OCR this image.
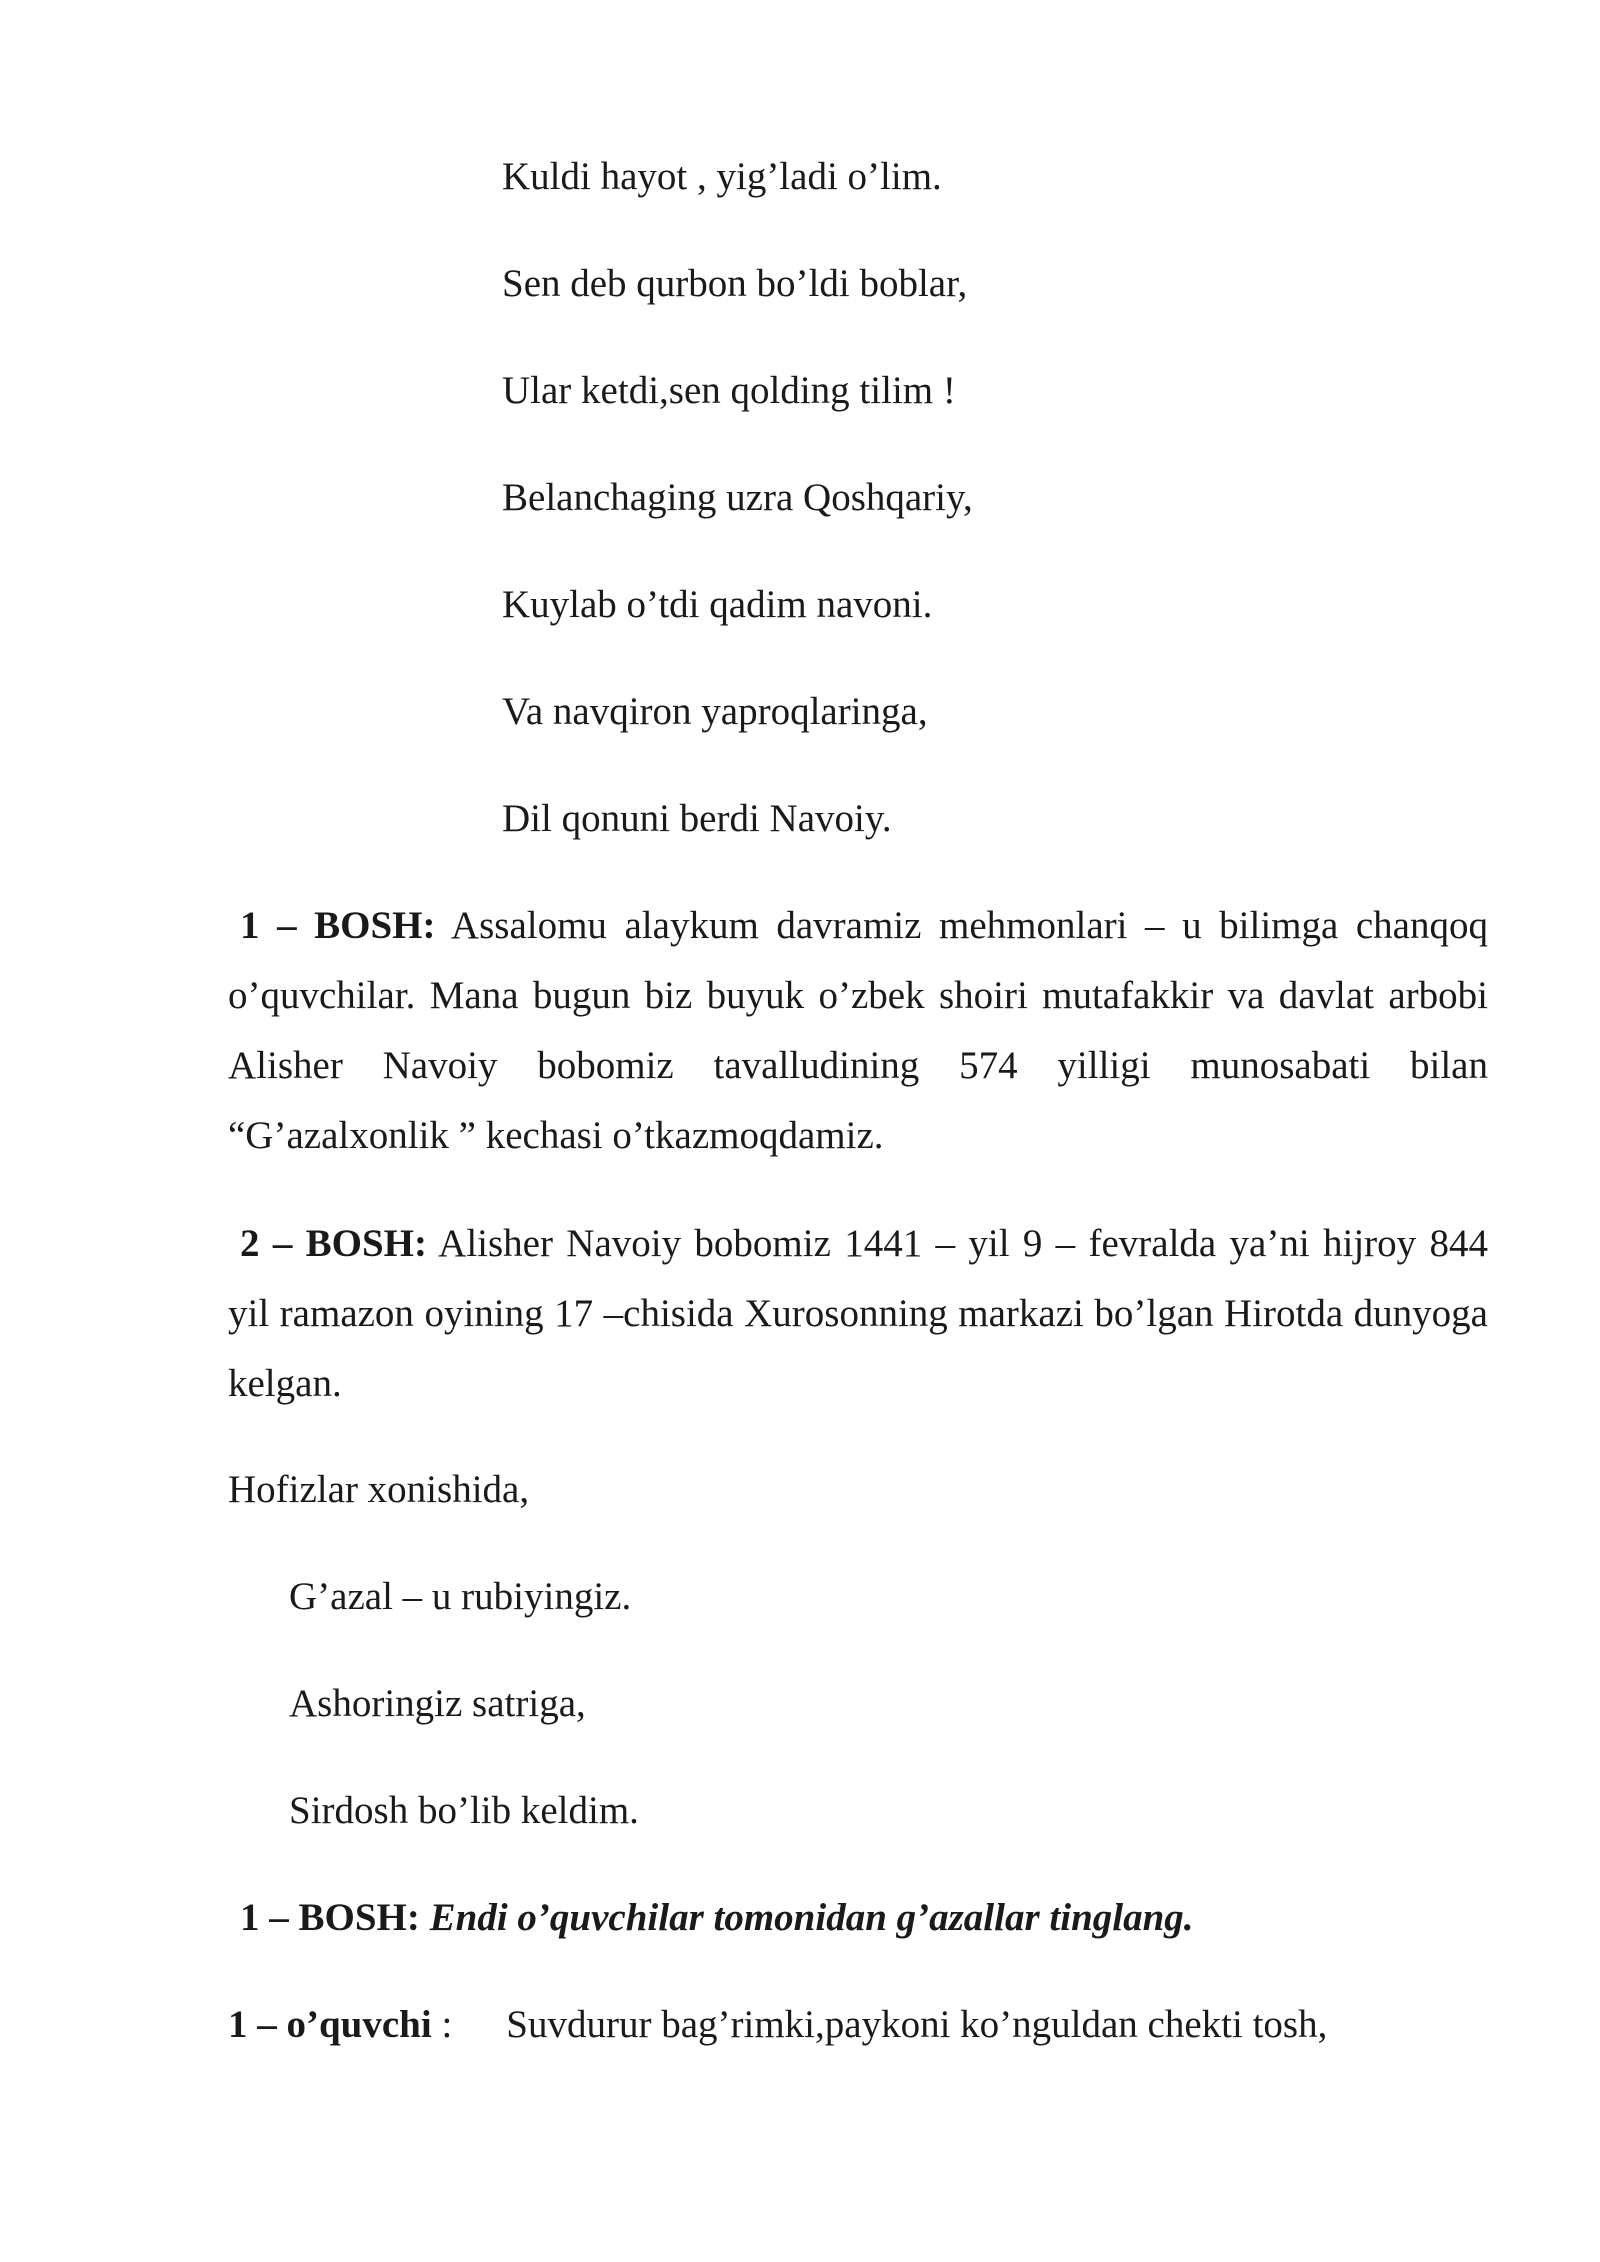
Kuldi hayot , yig’ladi o’lim.
Sen deb qurbon bo’ldi boblar,
Ular ketdi,sen qolding tilim !
Belanchaging uzra Qoshqariy,
Kuylab o’tdi qadim navoni.
Va navqiron yaproqlaringa,
Dil qonuni berdi Navoiy.
1 – BOSH: Assalomu alaykum davramiz mehmonlari – u bilimga chanqoq o’quvchilar. Mana bugun biz buyuk o’zbek shoiri mutafakkir va davlat arbobi Alisher Navoiy bobomiz tavalludining 574 yilligi munosabati bilan “G’azalxonlik ” kechasi o’tkazmoqdamiz.
2 – BOSH: Alisher Navoiy bobomiz 1441 – yil 9 – fevralda ya’ni hijroy 844 yil ramazon oyining 17 –chisida Xurosonning markazi bo’lgan Hirotda dunyoga kelgan.
Hofizlar xonishida,
G’azal – u rubiyingiz.
Ashoringiz satriga,
Sirdosh bo’lib keldim.
1 – BOSH: Endi o’quvchilar tomonidan g’azallar tinglang.
1 – o’quvchi : Suvdurur bag’rimki,paykoni ko’nguldan chekti tosh,
